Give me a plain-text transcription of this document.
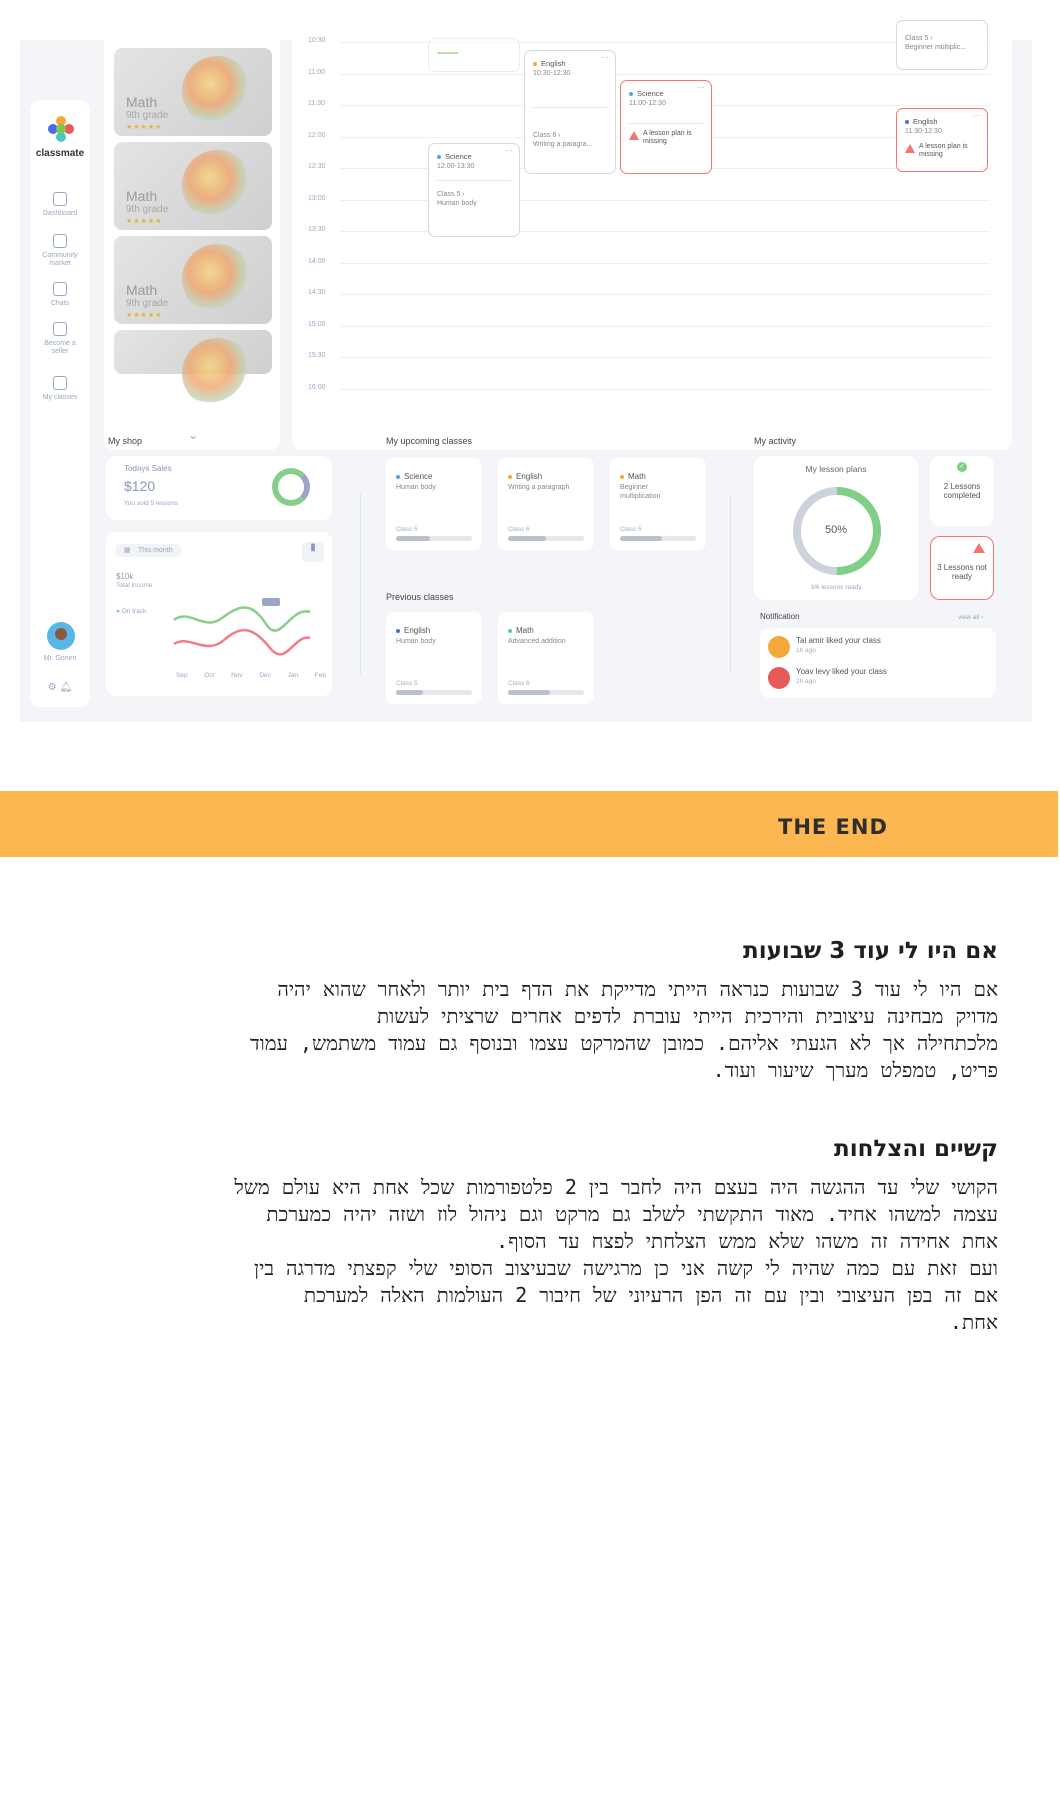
classmate
Dashboard
Community market
Chats
Become a seller
My classes
Mr. Gonen
⚙ 🔔︎
Math
9th grade
★★★★★
Math
9th grade
★★★★★
Math
9th grade
★★★★★
⌄
10:30
11:00
11:30
12:00
12:30
13:00
13:30
14:00
14:30
15:00
15:30
16:00
▬▬▬
···
English
10:30-12:30
Class 6 ›
Writing a paragra...
···
Science
11:00-12:30
A lesson plan is missing
···
Science
12:00-13:30
Class 5 ›
Human body
Class 5 ›
Beginner multiplic...
···
English
11:30-12:30
A lesson plan is missing
My shop
Todays Sales
$120
You sold 5 lessons
▦ This month	▮
$10k
Total income
● On track
Sep	Oct	Nov	Dec	Jan	Feb
My upcoming classes
Science
Human body
Class 5
English
Writing a paragraph
Class 6
Math
Beginner multiplication
Class 5
Previous classes
English
Human body
Class 5
Math
Advanced addition
Class 6
My activity
My lesson plans
50%
3/6 lessons ready
✓
2 Lessons completed
3 Lessons not ready
Notification	view all ›
Tal amir liked your class
1h ago
Yoav levy liked your class
2h ago
THE END
אם היו לי עוד 3 שבועות
אם היו לי עוד 3 שבועות כנראה הייתי מדייקת את הדף בית יותר ולאחר שהוא יהיה
מדויק מבחינה עיצובית והירכית הייתי עוברת לדפים אחרים שרציתי לעשות
מלכתחילה אך לא הגעתי אליהם. כמובן שהמרקט עצמו ובנוסף גם עמוד משתמש, עמוד
פריט, טמפלט מערך שיעור ועוד.
קשיים והצלחות
הקושי שלי עד ההגשה היה בעצם היה לחבר בין 2 פלטפורמות שכל אחת היא עולם משל
עצמה למשהו אחיד. מאוד התקשתי לשלב גם מרקט וגם ניהול לוז ושזה יהיה כמערכת
אחת אחידה זה משהו שלא ממש הצלחתי לפצח עד הסוף.
ועם זאת עם כמה שהיה לי קשה אני כן מרגישה שבעיצוב הסופי שלי קפצתי מדרגה בין
אם זה בפן העיצובי ובין עם זה הפן הרעיוני של חיבור 2 העולמות האלה למערכת
אחת.
